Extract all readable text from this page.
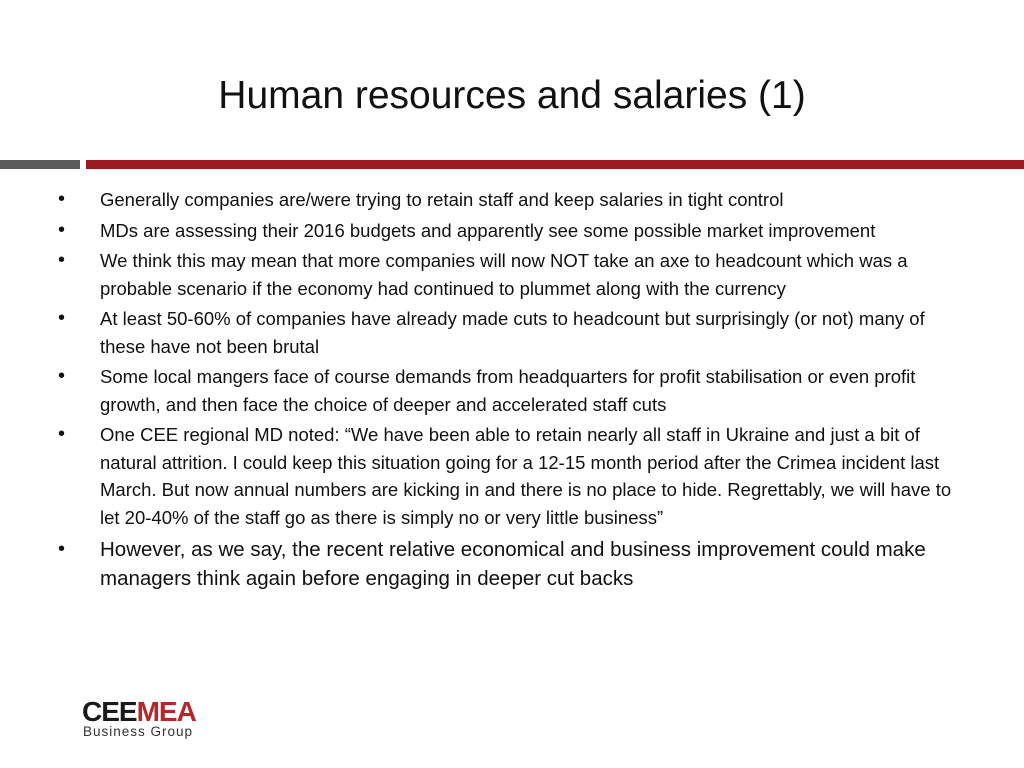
Human resources and salaries (1)
• Generally companies are/were trying to retain staff and keep salaries in tight control
• MDs are assessing their 2016 budgets and apparently see some possible market improvement
• We think this may mean that more companies will now NOT take an axe to headcount which was a probable scenario if the economy had continued to plummet along with the currency
• At least 50-60% of companies have already made cuts to headcount but surprisingly (or not) many of these have not been brutal
• Some local mangers face of course demands from headquarters for profit stabilisation or even profit growth, and then face the choice of deeper and accelerated staff cuts
• One CEE regional MD noted: “We have been able to retain nearly all staff in Ukraine and just a bit of natural attrition. I could keep this situation going for a 12-15 month period after the Crimea incident last March. But now annual numbers are kicking in and there is no place to hide. Regrettably, we will have to let 20-40% of the staff go as there is simply no or very little business”
• However, as we say, the recent relative economical and business improvement could make managers think again before engaging in deeper cut backs
CEEMEA
Business Group
